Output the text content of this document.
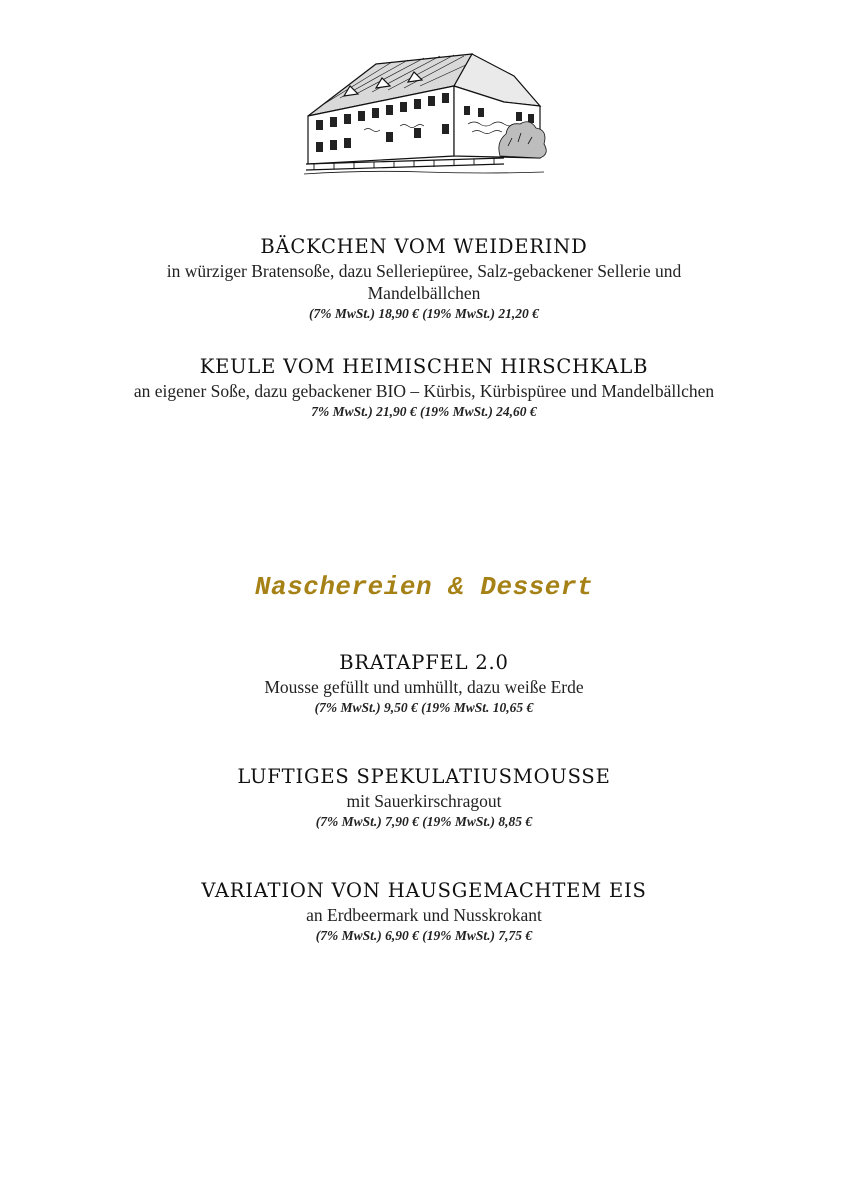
BÄCKCHEN VOM WEIDERIND
in würziger Bratensoße, dazu Selleriepüree, Salz-gebackener Sellerie und Mandelbällchen
(7% MwSt.) 18,90 € (19% MwSt.) 21,20 €
KEULE VOM HEIMISCHEN HIRSCHKALB
an eigener Soße, dazu gebackener BIO – Kürbis, Kürbispüree und Mandelbällchen
7% MwSt.) 21,90 € (19% MwSt.) 24,60 €
Naschereien & Dessert
BRATAPFEL 2.0
Mousse gefüllt und umhüllt, dazu weiße Erde
(7% MwSt.) 9,50 € (19% MwSt. 10,65 €
LUFTIGES SPEKULATIUSMOUSSE
mit Sauerkirschragout
(7% MwSt.) 7,90 € (19% MwSt.) 8,85 €
VARIATION VON HAUSGEMACHTEM EIS
an Erdbeermark und Nusskrokant
(7% MwSt.) 6,90 € (19% MwSt.) 7,75 €
